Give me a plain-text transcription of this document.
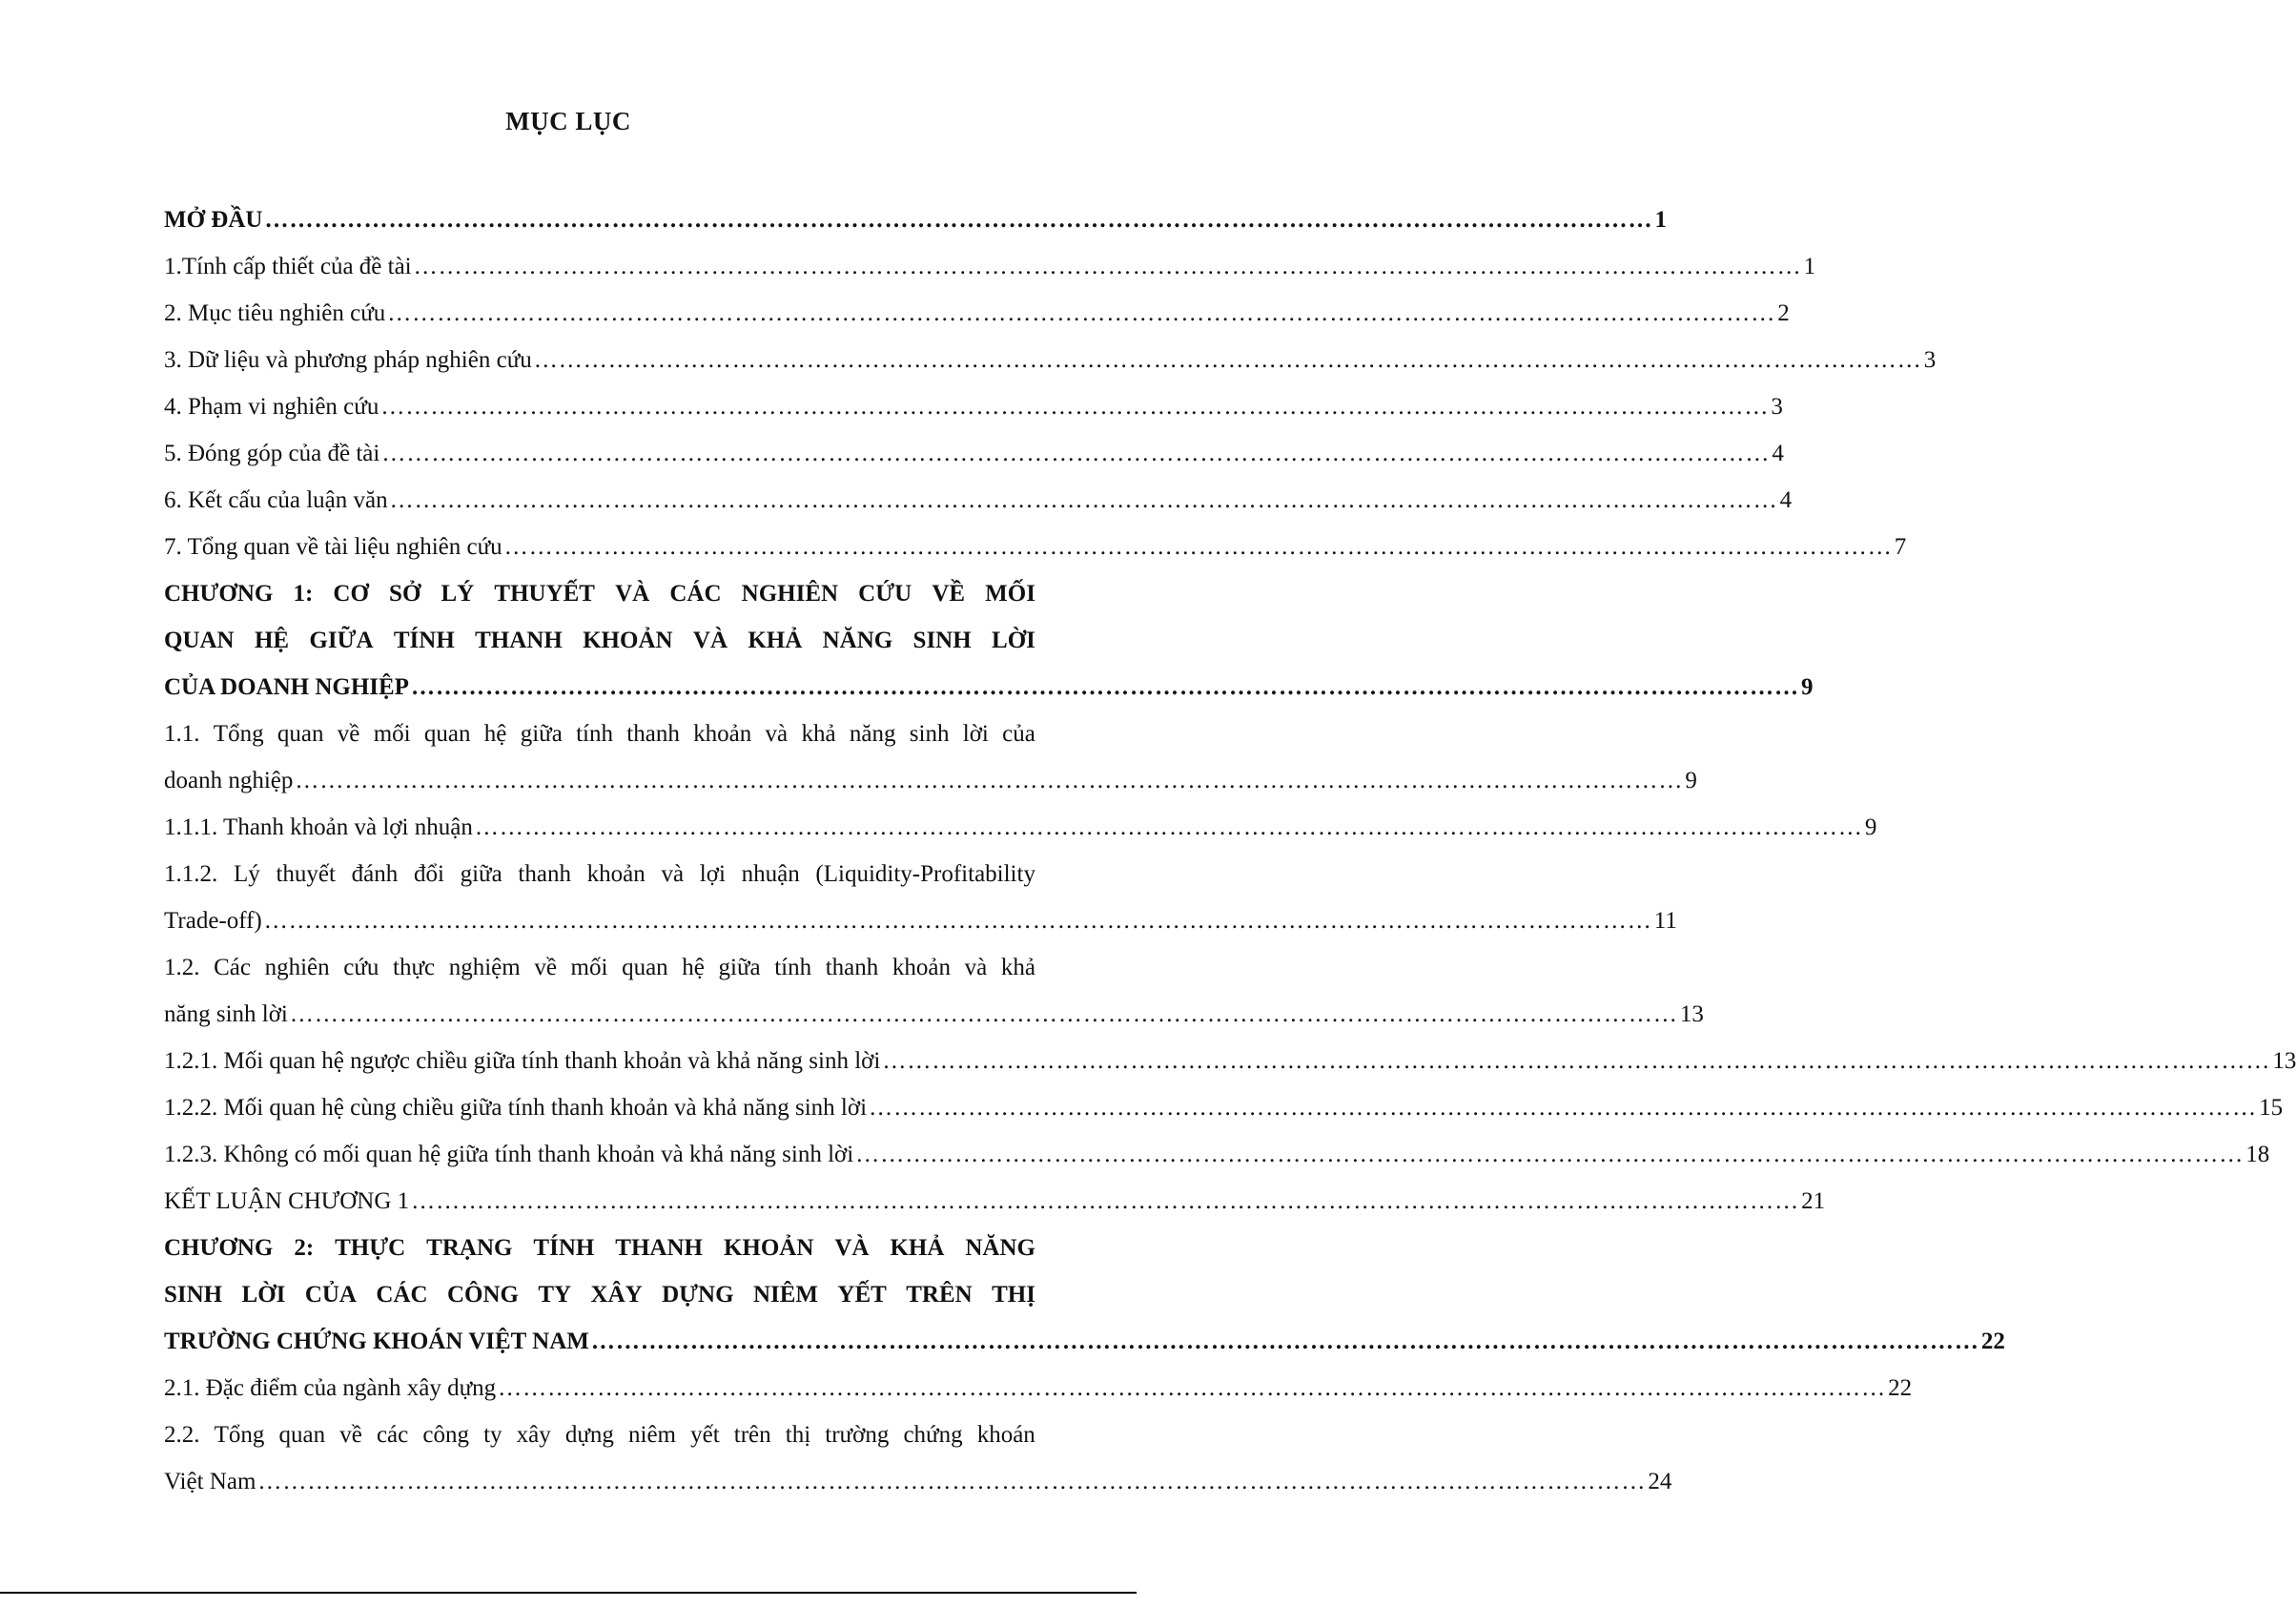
MỤC LỤC
MỞ ĐẦU …………………………………………………………………………………………………………………………………………………… 1
1.Tính cấp thiết của đề tài …………………………………………………………………………………………………………………………………………………… 1
2. Mục tiêu nghiên cứu …………………………………………………………………………………………………………………………………………………… 2
3. Dữ liệu và phương pháp nghiên cứu …………………………………………………………………………………………………………………………………………………… 3
4. Phạm vi nghiên cứu …………………………………………………………………………………………………………………………………………………… 3
5. Đóng góp của đề tài …………………………………………………………………………………………………………………………………………………… 4
6. Kết cấu của luận văn …………………………………………………………………………………………………………………………………………………… 4
7. Tổng quan về tài liệu nghiên cứu …………………………………………………………………………………………………………………………………………………… 7
CHƯƠNG 1: CƠ SỞ LÝ THUYẾT VÀ CÁC NGHIÊN CỨU VỀ MỐI
QUAN HỆ GIỮA TÍNH THANH KHOẢN VÀ KHẢ NĂNG SINH LỜI
CỦA DOANH NGHIỆP …………………………………………………………………………………………………………………………………………………… 9
1.1. Tổng quan về mối quan hệ giữa tính thanh khoản và khả năng sinh lời của
doanh nghiệp …………………………………………………………………………………………………………………………………………………… 9
1.1.1. Thanh khoản và lợi nhuận …………………………………………………………………………………………………………………………………………………… 9
1.1.2. Lý thuyết đánh đổi giữa thanh khoản và lợi nhuận (Liquidity-Profitability
Trade-off) …………………………………………………………………………………………………………………………………………………… 11
1.2. Các nghiên cứu thực nghiệm về mối quan hệ giữa tính thanh khoản và khả
năng sinh lời …………………………………………………………………………………………………………………………………………………… 13
1.2.1. Mối quan hệ ngược chiều giữa tính thanh khoản và khả năng sinh lời …………………………………………………………………………………………………………………………………………………… 13
1.2.2. Mối quan hệ cùng chiều giữa tính thanh khoản và khả năng sinh lời …………………………………………………………………………………………………………………………………………………… 15
1.2.3. Không có mối quan hệ giữa tính thanh khoản và khả năng sinh lời …………………………………………………………………………………………………………………………………………………… 18
KẾT LUẬN CHƯƠNG 1 …………………………………………………………………………………………………………………………………………………… 21
CHƯƠNG 2: THỰC TRẠNG TÍNH THANH KHOẢN VÀ KHẢ NĂNG
SINH LỜI CỦA CÁC CÔNG TY XÂY DỰNG NIÊM YẾT TRÊN THỊ
TRƯỜNG CHỨNG KHOÁN VIỆT NAM …………………………………………………………………………………………………………………………………………………… 22
2.1. Đặc điểm của ngành xây dựng …………………………………………………………………………………………………………………………………………………… 22
2.2. Tổng quan về các công ty xây dựng niêm yết trên thị trường chứng khoán
Việt Nam …………………………………………………………………………………………………………………………………………………… 24
